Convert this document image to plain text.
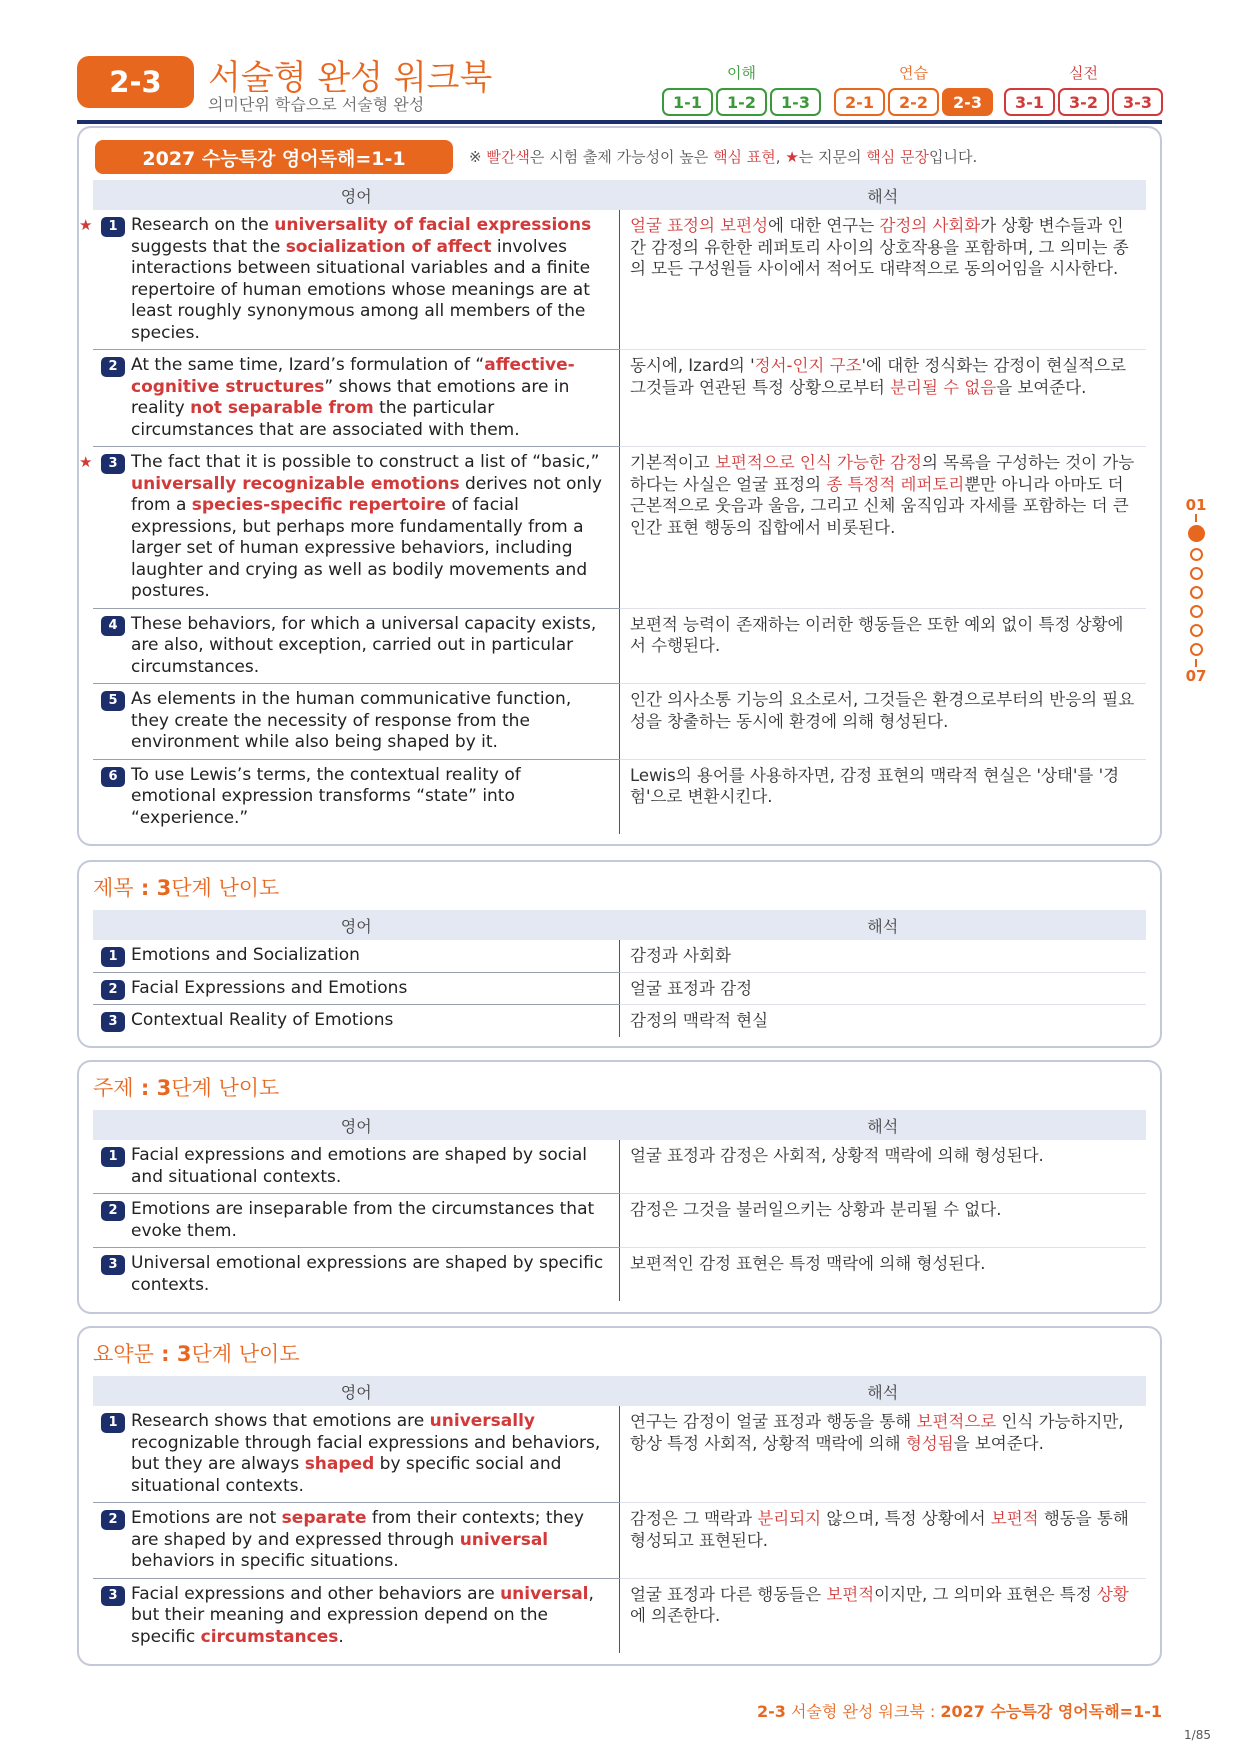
2-3	서술형 완성 워크북
의미단위 학습으로 서술형 완성
이해
1-1	1-2	1-3
연습
2-1	2-2	2-3
실전
3-1	3-2	3-3
01
07
2027 수능특강 영어독해=1-1	※ 빨간색은 시험 출제 가능성이 높은 핵심 표현, ★는 지문의 핵심 문장입니다.
영어	해석

★ 1 Research on the universality of facial expressions suggests that the socialization of affect involves interactions between situational variables and a finite repertoire of human emotions whose meanings are at least roughly synonymous among all members of the species.	얼굴 표정의 보편성에 대한 연구는 감정의 사회화가 상황 변수들과 인간 감정의 유한한 레퍼토리 사이의 상호작용을 포함하며, 그 의미는 종의 모든 구성원들 사이에서 적어도 대략적으로 동의어임을 시사한다.

2 At the same time, Izard’s formulation of “affective-cognitive structures” shows that emotions are in reality not separable from the particular circumstances that are associated with them.	동시에, Izard의 '정서-인지 구조'에 대한 정식화는 감정이 현실적으로 그것들과 연관된 특정 상황으로부터 분리될 수 없음을 보여준다.

★ 3 The fact that it is possible to construct a list of “basic,” universally recognizable emotions derives not only from a species-specific repertoire of facial expressions, but perhaps more fundamentally from a larger set of human expressive behaviors, including laughter and crying as well as bodily movements and postures.	기본적이고 보편적으로 인식 가능한 감정의 목록을 구성하는 것이 가능하다는 사실은 얼굴 표정의 종 특정적 레퍼토리뿐만 아니라 아마도 더 근본적으로 웃음과 울음, 그리고 신체 움직임과 자세를 포함하는 더 큰 인간 표현 행동의 집합에서 비롯된다.

4 These behaviors, for which a universal capacity exists, are also, without exception, carried out in particular circumstances.	보편적 능력이 존재하는 이러한 행동들은 또한 예외 없이 특정 상황에서 수행된다.

5 As elements in the human communicative function, they create the necessity of response from the environment while also being shaped by it.	인간 의사소통 기능의 요소로서, 그것들은 환경으로부터의 반응의 필요성을 창출하는 동시에 환경에 의해 형성된다.

6 To use Lewis’s terms, the contextual reality of emotional expression transforms “state” into “experience.”	Lewis의 용어를 사용하자면, 감정 표현의 맥락적 현실은 '상태'를 '경험'으로 변환시킨다.
제목 : 3단계 난이도
영어	해석

1 Emotions and Socialization	감정과 사회화

2 Facial Expressions and Emotions	얼굴 표정과 감정

3 Contextual Reality of Emotions	감정의 맥락적 현실
주제 : 3단계 난이도
영어	해석

1 Facial expressions and emotions are shaped by social and situational contexts.	얼굴 표정과 감정은 사회적, 상황적 맥락에 의해 형성된다.

2 Emotions are inseparable from the circumstances that evoke them.	감정은 그것을 불러일으키는 상황과 분리될 수 없다.

3 Universal emotional expressions are shaped by specific contexts.	보편적인 감정 표현은 특정 맥락에 의해 형성된다.
요약문 : 3단계 난이도
영어	해석

1 Research shows that emotions are universally recognizable through facial expressions and behaviors, but they are always shaped by specific social and situational contexts.	연구는 감정이 얼굴 표정과 행동을 통해 보편적으로 인식 가능하지만, 항상 특정 사회적, 상황적 맥락에 의해 형성됨을 보여준다.

2 Emotions are not separate from their contexts; they are shaped by and expressed through universal behaviors in specific situations.	감정은 그 맥락과 분리되지 않으며, 특정 상황에서 보편적 행동을 통해 형성되고 표현된다.

3 Facial expressions and other behaviors are universal, but their meaning and expression depend on the specific circumstances.	얼굴 표정과 다른 행동들은 보편적이지만, 그 의미와 표현은 특정 상황에 의존한다.
2-3 서술형 완성 워크북 : 2027 수능특강 영어독해=1-1
1/85
